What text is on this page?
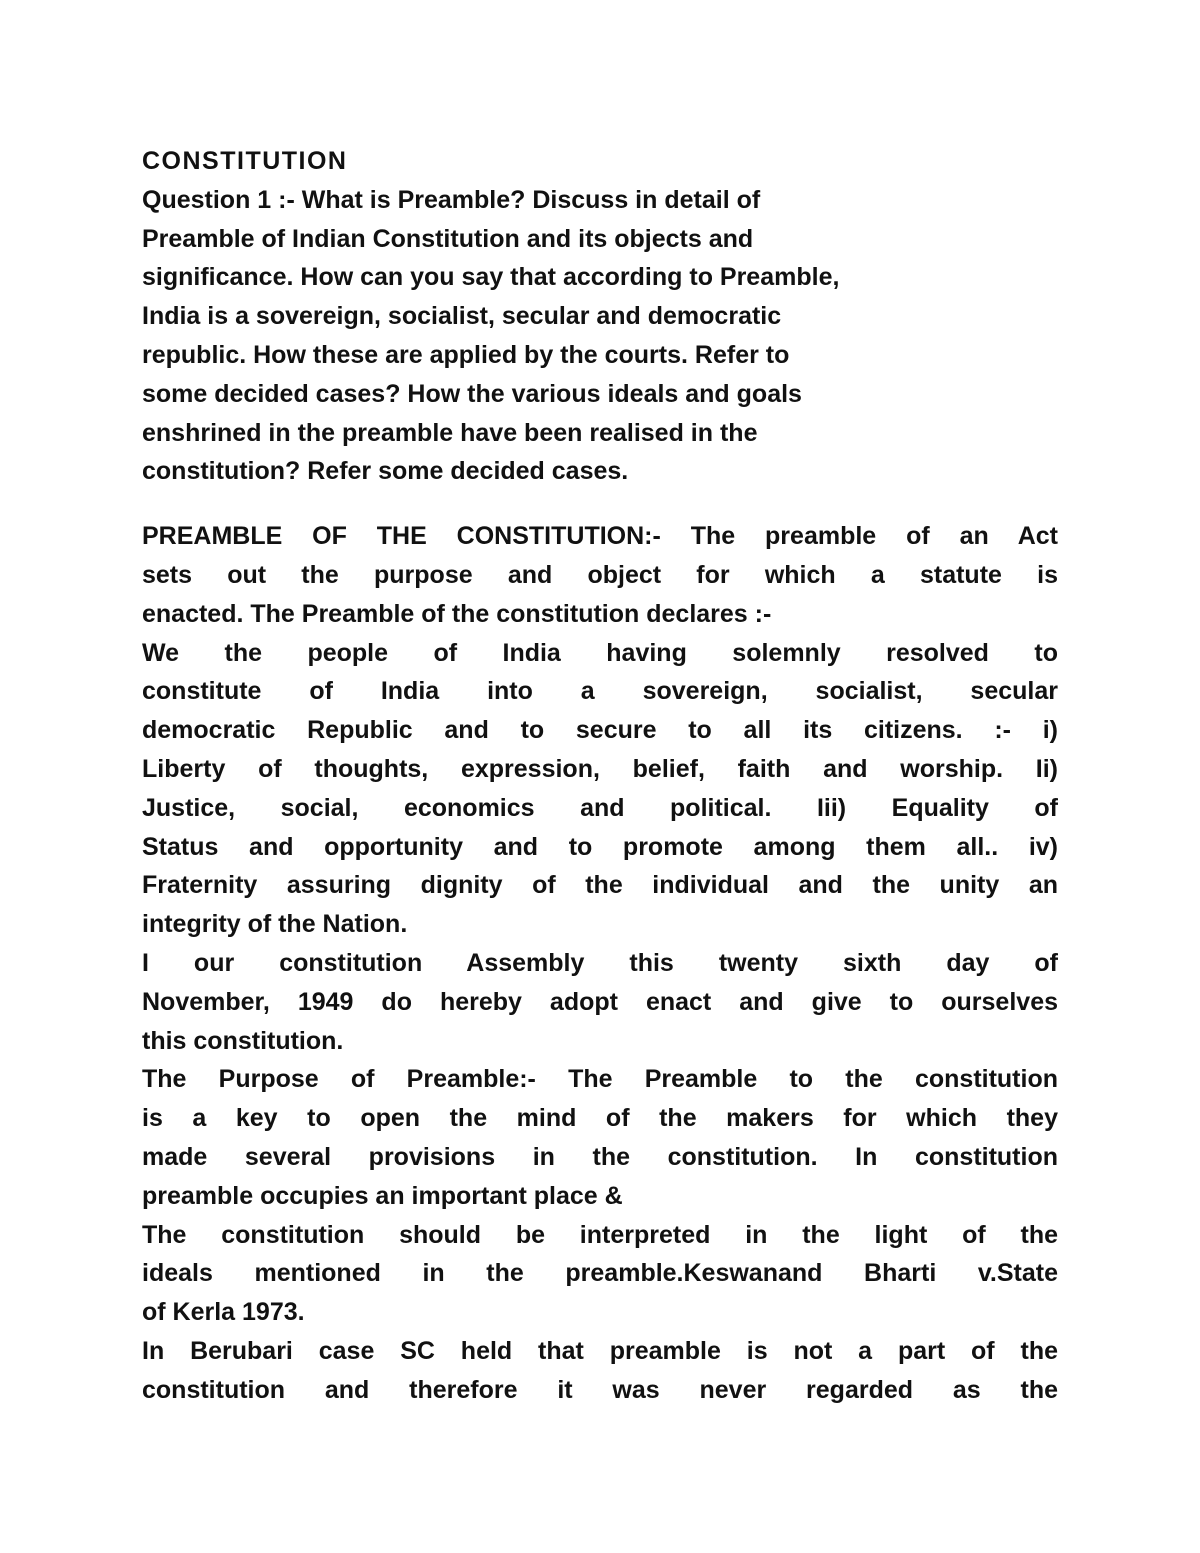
CONSTITUTION
Question 1 :- What is Preamble? Discuss in detail of
Preamble of Indian Constitution and its objects and
significance. How can you say that according to Preamble,
India is a sovereign, socialist, secular and democratic
republic. How these are applied by the courts. Refer to
some decided cases? How the various ideals and goals
enshrined in the preamble have been realised in the
constitution? Refer some decided cases.
PREAMBLE OF THE CONSTITUTION:- The preamble of an Act
sets out the purpose and object for which a statute is
enacted. The Preamble of the constitution declares :-
We the people of India having solemnly resolved to
constitute of India into a sovereign, socialist, secular
democratic Republic and to secure to all its citizens. :- i)
Liberty of thoughts, expression, belief, faith and worship. Ii)
Justice, social, economics and political. Iii) Equality of
Status and opportunity and to promote among them all.. iv)
Fraternity assuring dignity of the individual and the unity an
integrity of the Nation.
I our constitution Assembly this twenty sixth day of
November, 1949 do hereby adopt enact and give to ourselves
this constitution.
The Purpose of Preamble:- The Preamble to the constitution
is a key to open the mind of the makers for which they
made several provisions in the constitution. In constitution
preamble occupies an important place &
The constitution should be interpreted in the light of the
ideals mentioned in the preamble.Keswanand Bharti v.State
of Kerla 1973.
In Berubari case SC held that preamble is not a part of the
constitution and therefore it was never regarded as the
